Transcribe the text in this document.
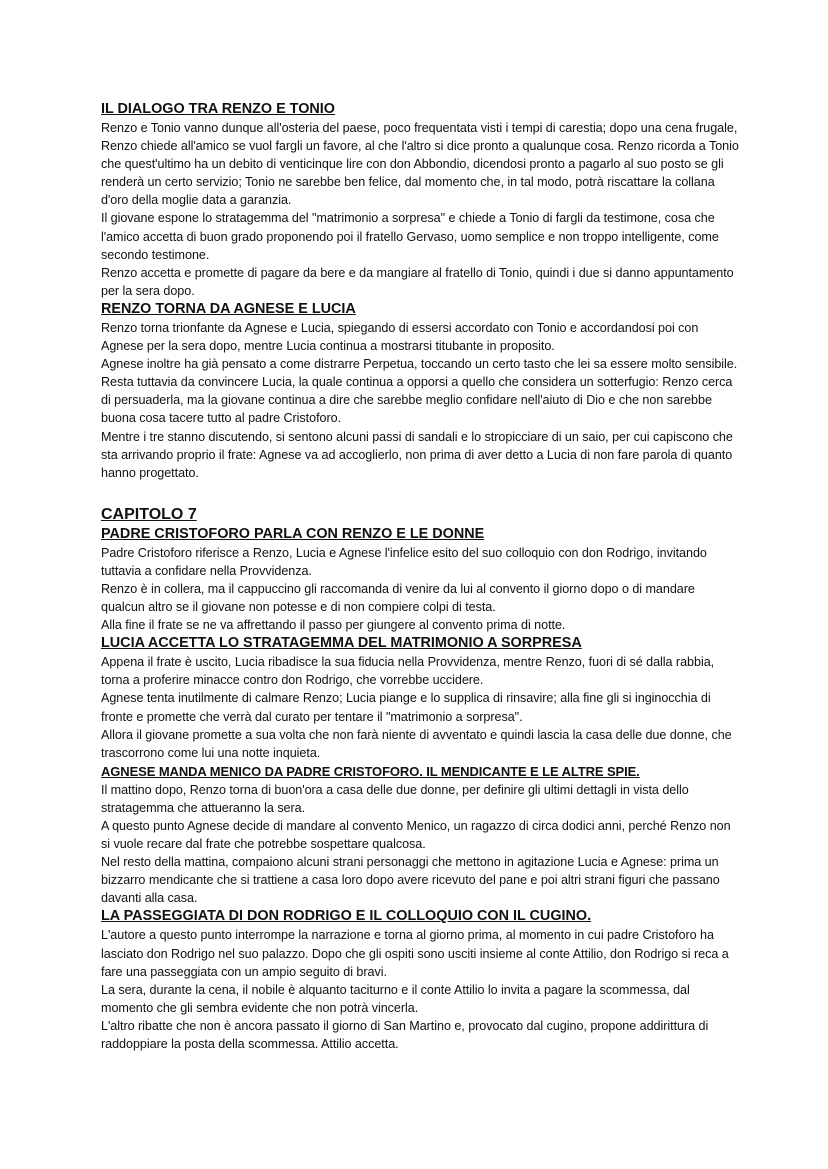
IL DIALOGO TRA RENZO E TONIO

Renzo e Tonio vanno dunque all'osteria del paese, poco frequentata visti i tempi di carestia; dopo una cena frugale, Renzo chiede all'amico se vuol fargli un favore, al che l'altro si dice pronto a qualunque cosa. Renzo ricorda a Tonio che quest'ultimo ha un debito di venticinque lire con don Abbondio, dicendosi pronto a pagarlo al suo posto se gli renderà un certo servizio; Tonio ne sarebbe ben felice, dal momento che, in tal modo, potrà riscattare la collana d'oro della moglie data a garanzia.

Il giovane espone lo stratagemma del "matrimonio a sorpresa" e chiede a Tonio di fargli da testimone, cosa che l'amico accetta di buon grado proponendo poi il fratello Gervaso, uomo semplice e non troppo intelligente, come secondo testimone.

Renzo accetta e promette di pagare da bere e da mangiare al fratello di Tonio, quindi i due si danno appuntamento per la sera dopo.

RENZO TORNA DA AGNESE E LUCIA

Renzo torna trionfante da Agnese e Lucia, spiegando di essersi accordato con Tonio e accordandosi poi con Agnese per la sera dopo, mentre Lucia continua a mostrarsi titubante in proposito.

Agnese inoltre ha già pensato a come distrarre Perpetua, toccando un certo tasto che lei sa essere molto sensibile. Resta tuttavia da convincere Lucia, la quale continua a opporsi a quello che considera un sotterfugio: Renzo cerca di persuaderla, ma la giovane continua a dire che sarebbe meglio confidare nell'aiuto di Dio e che non sarebbe buona cosa tacere tutto al padre Cristoforo.

Mentre i tre stanno discutendo, si sentono alcuni passi di sandali e lo stropicciare di un saio, per cui capiscono che sta arrivando proprio il frate: Agnese va ad accoglierlo, non prima di aver detto a Lucia di non fare parola di quanto hanno progettato.

CAPITOLO 7

PADRE CRISTOFORO PARLA CON RENZO E LE DONNE

Padre Cristoforo riferisce a Renzo, Lucia e Agnese l'infelice esito del suo colloquio con don Rodrigo, invitando tuttavia a confidare nella Provvidenza.

Renzo è in collera, ma il cappuccino gli raccomanda di venire da lui al convento il giorno dopo o di mandare qualcun altro se il giovane non potesse e di non compiere colpi di testa.

Alla fine il frate se ne va affrettando il passo per giungere al convento prima di notte.

LUCIA ACCETTA LO STRATAGEMMA DEL MATRIMONIO A SORPRESA

Appena il frate è uscito, Lucia ribadisce la sua fiducia nella Provvidenza, mentre Renzo, fuori di sé dalla rabbia, torna a proferire minacce contro don Rodrigo, che vorrebbe uccidere.

Agnese tenta inutilmente di calmare Renzo; Lucia piange e lo supplica di rinsavire; alla fine gli si inginocchia di fronte e promette che verrà dal curato per tentare il "matrimonio a sorpresa".

Allora il giovane promette a sua volta che non farà niente di avventato e quindi lascia la casa delle due donne, che trascorrono come lui una notte inquieta.

AGNESE MANDA MENICO DA PADRE CRISTOFORO. IL MENDICANTE E LE ALTRE SPIE.

Il mattino dopo, Renzo torna di buon'ora a casa delle due donne, per definire gli ultimi dettagli in vista dello stratagemma che attueranno la sera.

A questo punto Agnese decide di mandare al convento Menico, un ragazzo di circa dodici anni, perché Renzo non si vuole recare dal frate che potrebbe sospettare qualcosa.

Nel resto della mattina, compaiono alcuni strani personaggi che mettono in agitazione Lucia e Agnese: prima un bizzarro mendicante che si trattiene a casa loro dopo avere ricevuto del pane e poi altri strani figuri che passano davanti alla casa.

LA PASSEGGIATA DI DON RODRIGO E IL COLLOQUIO CON IL CUGINO.

L'autore a questo punto interrompe la narrazione e torna al giorno prima, al momento in cui padre Cristoforo ha lasciato don Rodrigo nel suo palazzo. Dopo che gli ospiti sono usciti insieme al conte Attilio, don Rodrigo si reca a fare una passeggiata con un ampio seguito di bravi.

La sera, durante la cena, il nobile è alquanto taciturno e il conte Attilio lo invita a pagare la scommessa, dal momento che gli sembra evidente che non potrà vincerla.

L'altro ribatte che non è ancora passato il giorno di San Martino e, provocato dal cugino, propone addirittura di raddoppiare la posta della scommessa. Attilio accetta.
